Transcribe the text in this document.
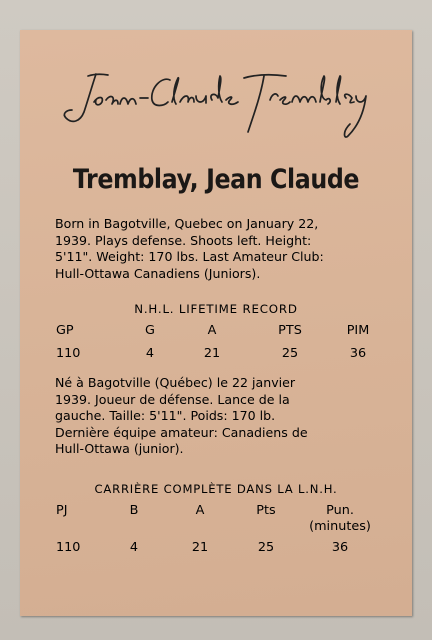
Tremblay, Jean Claude
Born in Bagotville, Quebec on January 22,
1939. Plays defense. Shoots left. Height:
5'11". Weight: 170 lbs. Last Amateur Club:
Hull-Ottawa Canadiens (Juniors).
N.H.L. LIFETIME RECORD
GP	G	A	PTS	PIM
110	4	21	25	36
Né à Bagotville (Québec) le 22 janvier
1939. Joueur de défense. Lance de la
gauche. Taille: 5'11". Poids: 170 lb.
Dernière équipe amateur: Canadiens de
Hull-Ottawa (junior).
CARRIÈRE COMPLÈTE DANS LA L.N.H.
PJ	B	A	Pts	Pun.
(minutes)
110	4	21	25	36
